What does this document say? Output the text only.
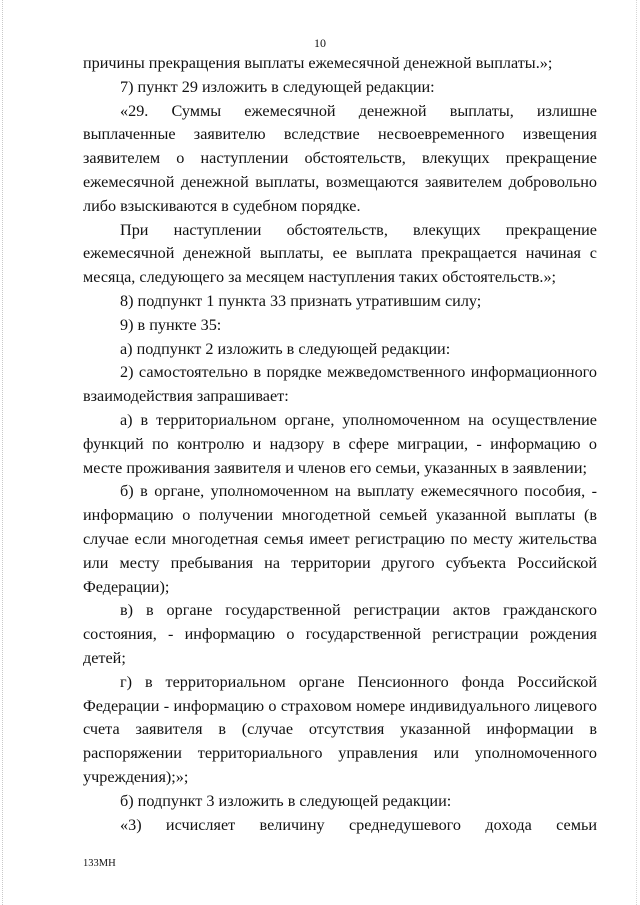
10

причины прекращения выплаты ежемесячной денежной выплаты.»;

7) пункт 29 изложить в следующей редакции:

«29. Суммы ежемесячной денежной выплаты, излишне выплаченные заявителю вследствие несвоевременного извещения заявителем о наступлении обстоятельств, влекущих прекращение ежемесячной денежной выплаты, возмещаются заявителем добровольно либо взыскиваются в судебном порядке.

При наступлении обстоятельств, влекущих прекращение ежемесячной денежной выплаты, ее выплата прекращается начиная с месяца, следующего за месяцем наступления таких обстоятельств.»;

8) подпункт 1 пункта 33 признать утратившим силу;

9) в пункте 35:

а) подпункт 2 изложить в следующей редакции:

2) самостоятельно в порядке межведомственного информационного взаимодействия запрашивает:

а) в территориальном органе, уполномоченном на осуществление функций по контролю и надзору в сфере миграции, - информацию о месте проживания заявителя и членов его семьи, указанных в заявлении;

б) в органе, уполномоченном на выплату ежемесячного пособия, - информацию о получении многодетной семьей указанной выплаты (в случае если многодетная семья имеет регистрацию по месту жительства или месту пребывания на территории другого субъекта Российской Федерации);

в) в органе государственной регистрации актов гражданского состояния, - информацию о государственной регистрации рождения детей;

г) в территориальном органе Пенсионного фонда Российской Федерации - информацию о страховом номере индивидуального лицевого счета заявителя в (случае отсутствия указанной информации в распоряжении территориального управления или уполномоченного учреждения);»;

б) подпункт 3 изложить в следующей редакции:

«3) исчисляет величину среднедушевого дохода семьи

133МН
